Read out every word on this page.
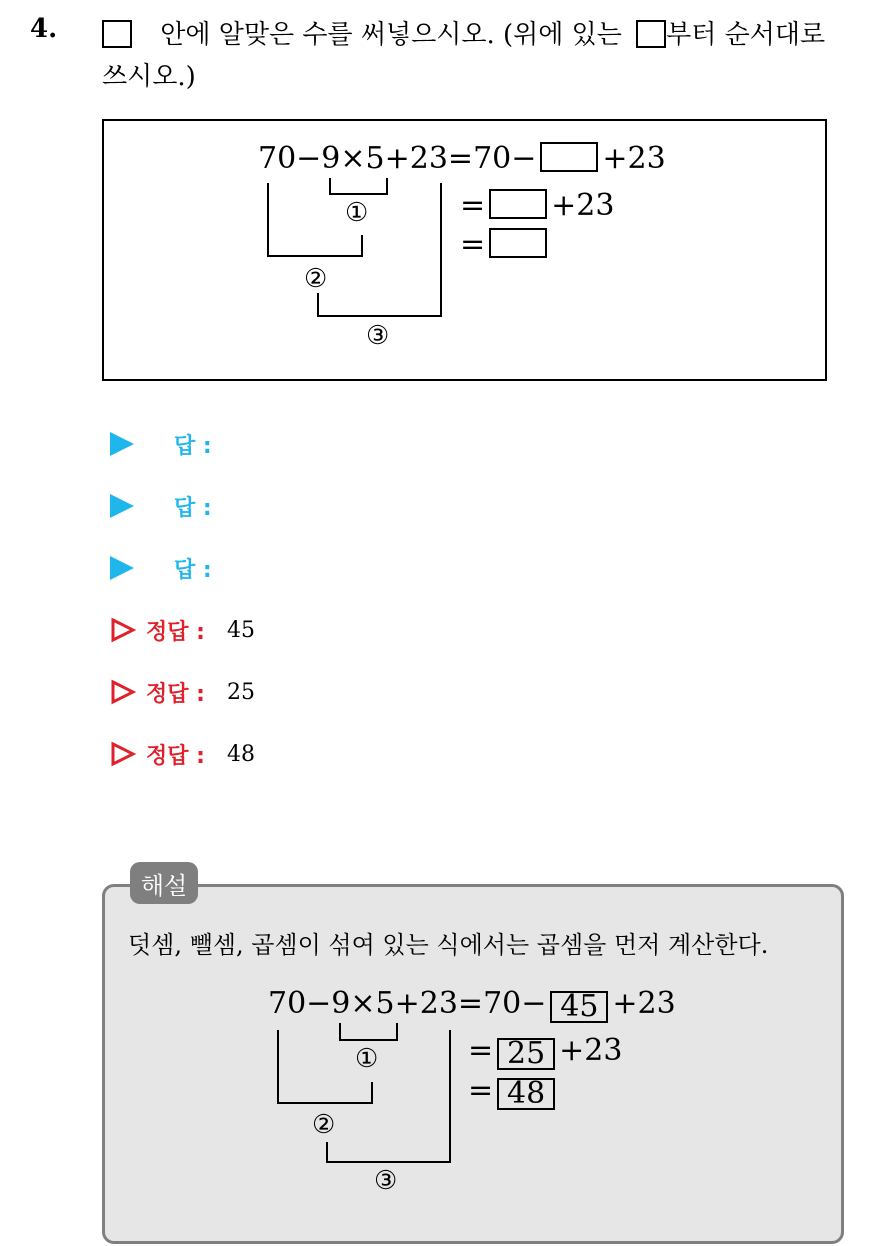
4.	안에 알맞은 수를 써넣으시오. (위에 있는 부터 순서대로
쓰시오.)
70−9×5+23=70− +23
= +23
=
①
②
③
답 :
답 :
답 :
정답 : 45
정답 : 25
정답 : 48
해설
덧셈, 뺄셈, 곱셈이 섞여 있는 식에서는 곱셈을 먼저 계산한다.
70−9×5+23=70− 45 +23
= 25 +23
= 48
①
②
③
